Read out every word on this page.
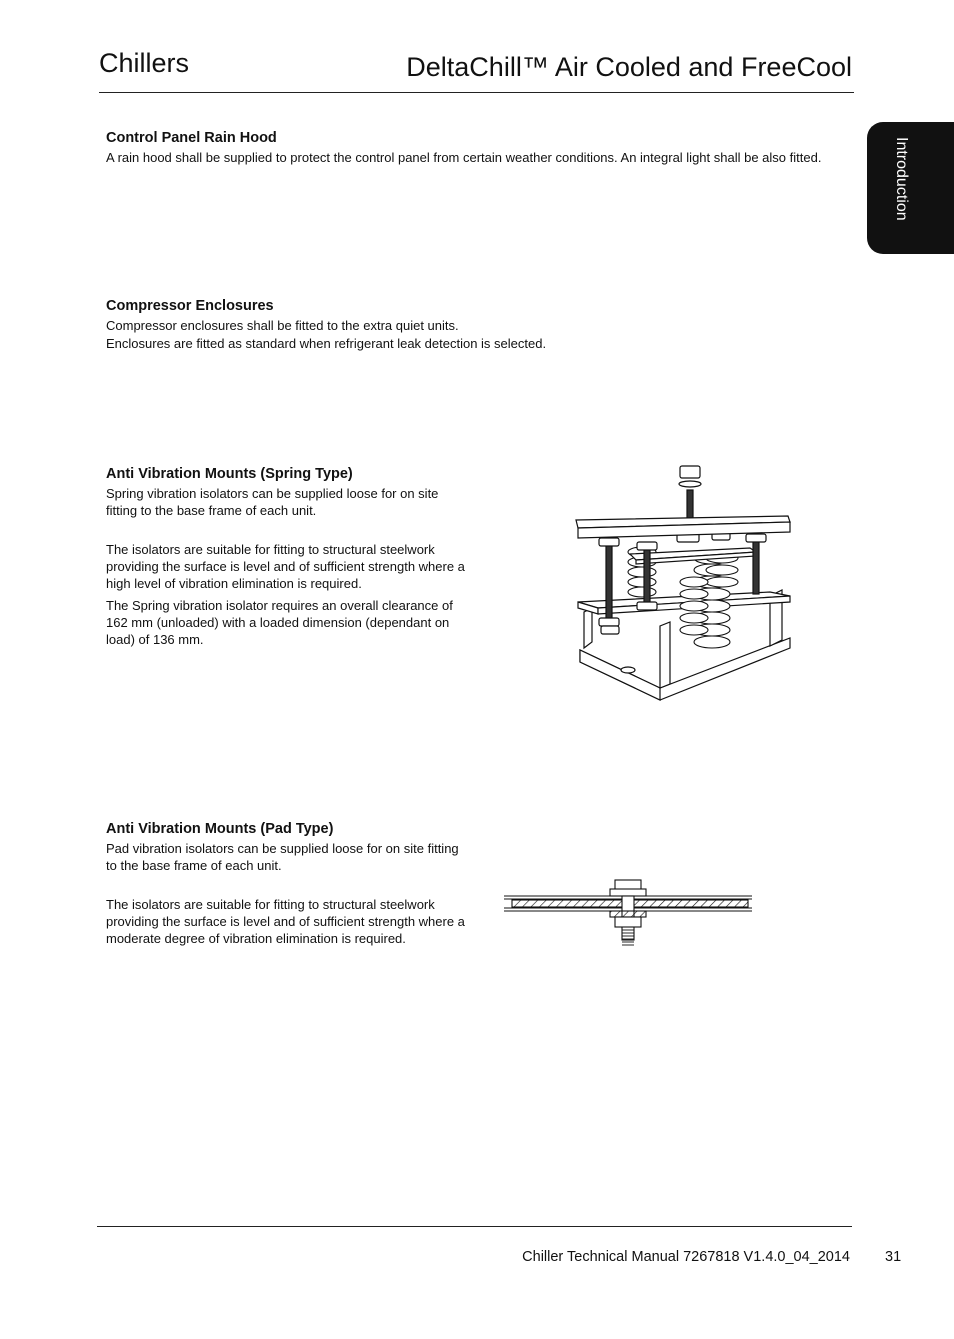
Chillers	DeltaChill™ Air Cooled and FreeCool
Introduction
Control Panel Rain Hood

A rain hood shall be supplied to protect the control panel from certain weather conditions. An integral light shall be also fitted.

Compressor Enclosures

Compressor enclosures shall be fitted to the extra quiet units.

Enclosures are fitted as standard when refrigerant leak detection is selected.

Anti Vibration Mounts (Spring Type)

Spring vibration isolators can be supplied loose for on site fitting to the base frame of each unit.

The isolators are suitable for fitting to structural steelwork providing the surface is level and of sufficient strength where a high level of vibration elimination is required.

The Spring vibration isolator requires an overall clearance of 162 mm (unloaded) with a loaded dimension (dependant on load) of 136 mm.

Anti Vibration Mounts (Pad Type)

Pad vibration isolators can be supplied loose for on site fitting to the base frame of each unit.

The isolators are suitable for fitting to structural steelwork providing the surface is level and of sufficient strength where a moderate degree of vibration elimination is required.

Chiller Technical Manual 7267818 V1.4.0_04_2014 31
